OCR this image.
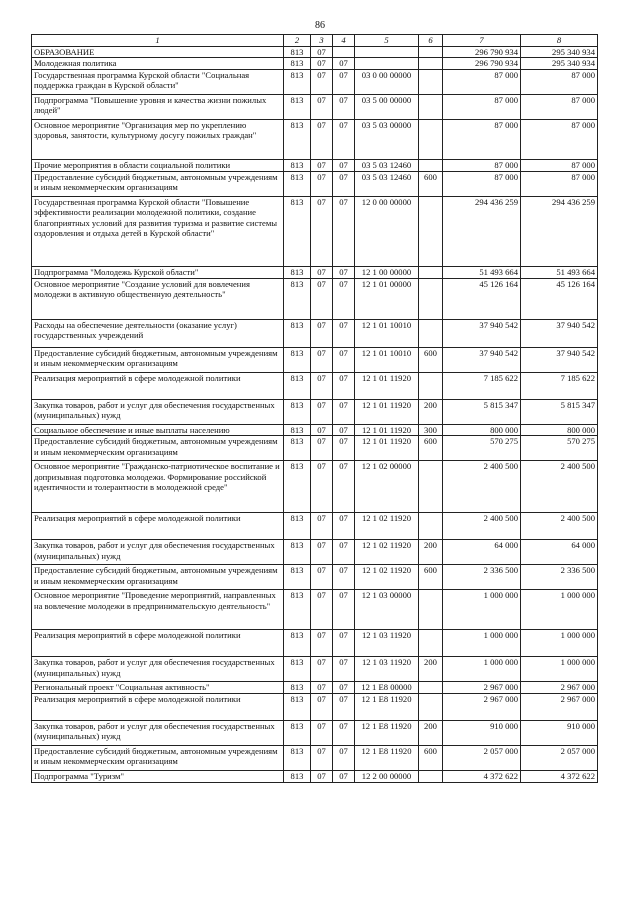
86
1	2	3	4	5	6	7	8
ОБРАЗОВАНИЕ	813	07				296 790 934	295 340 934
Молодежная политика	813	07	07			296 790 934	295 340 934
Государственная программа Курской области "Социальная поддержка граждан в Курской области"	813	07	07	03 0 00 00000		87 000	87 000
Подпрограмма "Повышение уровня и качества жизни пожилых людей"	813	07	07	03 5 00 00000		87 000	87 000
Основное мероприятие "Организация мер по укреплению здоровья, занятости, культурному досугу пожилых граждан"	813	07	07	03 5 03 00000		87 000	87 000
Прочие мероприятия в области социальной политики	813	07	07	03 5 03 12460		87 000	87 000
Предоставление субсидий бюджетным, автономным учреждениям и иным некоммерческим организациям	813	07	07	03 5 03 12460	600	87 000	87 000
Государственная программа Курской области "Повышение эффективности реализации молодежной политики, создание благоприятных условий для развития туризма и развитие системы оздоровления и отдыха детей в Курской области"	813	07	07	12 0 00 00000		294 436 259	294 436 259
Подпрограмма "Молодежь Курской области"	813	07	07	12 1 00 00000		51 493 664	51 493 664
Основное мероприятие "Создание условий для вовлечения молодежи в активную общественную деятельность"	813	07	07	12 1 01 00000		45 126 164	45 126 164
Расходы на обеспечение деятельности (оказание услуг) государственных учреждений	813	07	07	12 1 01 10010		37 940 542	37 940 542
Предоставление субсидий бюджетным, автономным учреждениям и иным некоммерческим организациям	813	07	07	12 1 01 10010	600	37 940 542	37 940 542
Реализация мероприятий в сфере молодежной политики	813	07	07	12 1 01 11920		7 185 622	7 185 622
Закупка товаров, работ и услуг для обеспечения государственных (муниципальных) нужд	813	07	07	12 1 01 11920	200	5 815 347	5 815 347
Социальное обеспечение и иные выплаты населению	813	07	07	12 1 01 11920	300	800 000	800 000
Предоставление субсидий бюджетным, автономным учреждениям и иным некоммерческим организациям	813	07	07	12 1 01 11920	600	570 275	570 275
Основное мероприятие "Гражданско-патриотическое воспитание и допризывная подготовка молодежи. Формирование российской идентичности и толерантности в молодежной среде"	813	07	07	12 1 02 00000		2 400 500	2 400 500
Реализация мероприятий в сфере молодежной политики	813	07	07	12 1 02 11920		2 400 500	2 400 500
Закупка товаров, работ и услуг для обеспечения государственных (муниципальных) нужд	813	07	07	12 1 02 11920	200	64 000	64 000
Предоставление субсидий бюджетным, автономным учреждениям и иным некоммерческим организациям	813	07	07	12 1 02 11920	600	2 336 500	2 336 500
Основное мероприятие "Проведение мероприятий, направленных на вовлечение молодежи в предпринимательскую деятельность"	813	07	07	12 1 03 00000		1 000 000	1 000 000
Реализация мероприятий в сфере молодежной политики	813	07	07	12 1 03 11920		1 000 000	1 000 000
Закупка товаров, работ и услуг для обеспечения государственных (муниципальных) нужд	813	07	07	12 1 03 11920	200	1 000 000	1 000 000
Региональный проект "Социальная активность"	813	07	07	12 1 E8 00000		2 967 000	2 967 000
Реализация мероприятий в сфере молодежной политики	813	07	07	12 1 E8 11920		2 967 000	2 967 000
Закупка товаров, работ и услуг для обеспечения государственных (муниципальных) нужд	813	07	07	12 1 E8 11920	200	910 000	910 000
Предоставление субсидий бюджетным, автономным учреждениям и иным некоммерческим организациям	813	07	07	12 1 E8 11920	600	2 057 000	2 057 000
Подпрограмма "Туризм"	813	07	07	12 2 00 00000		4 372 622	4 372 622
